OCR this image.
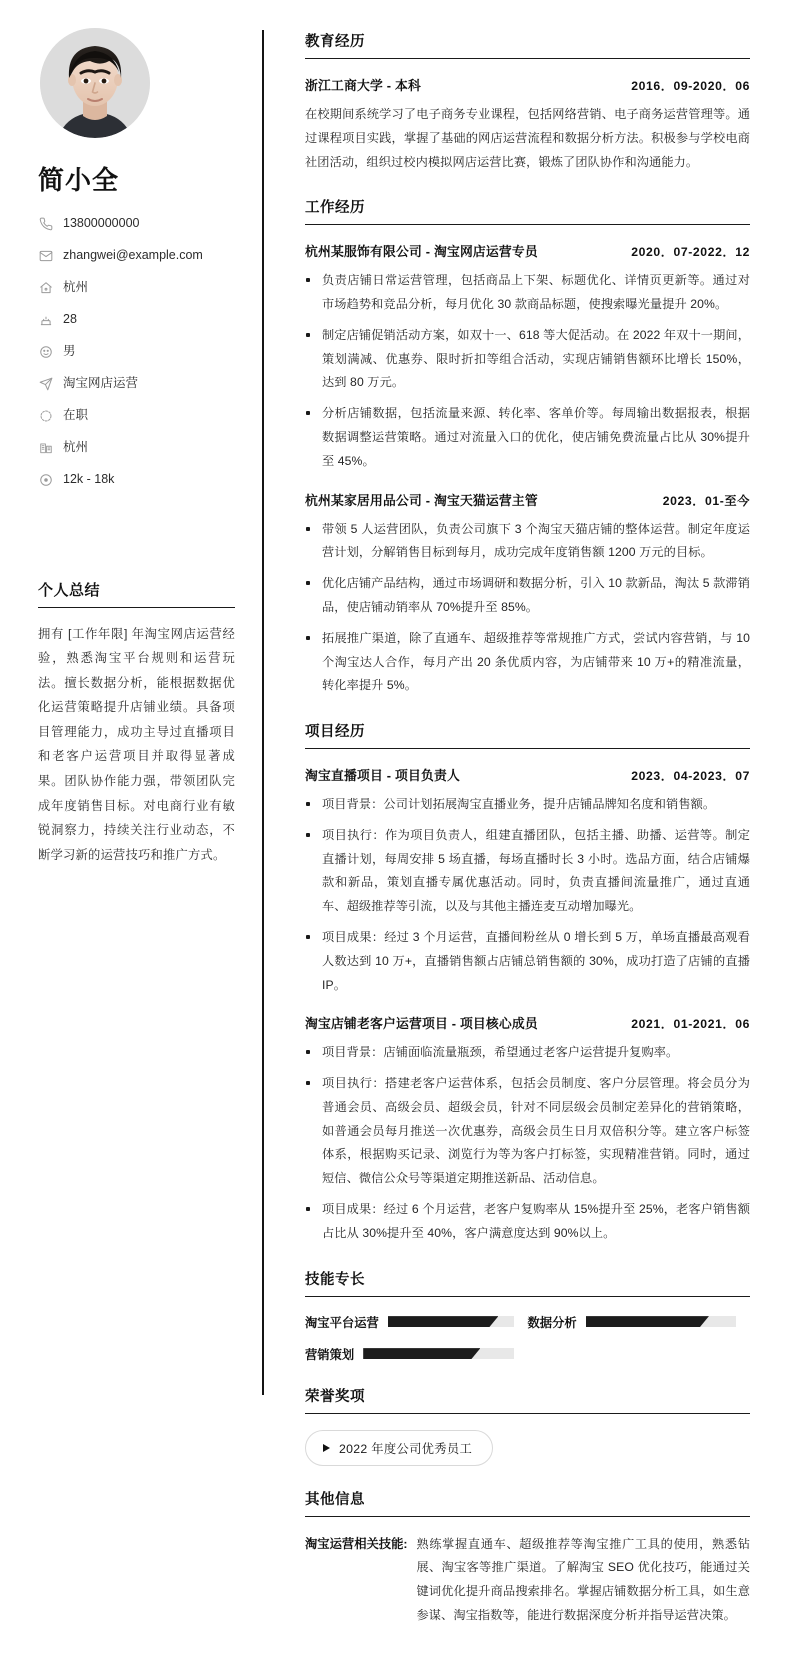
简小全
13800000000
zhangwei@example.com
杭州
28
男
淘宝网店运营
在职
杭州
12k - 18k
个人总结

拥有 [工作年限] 年淘宝网店运营经验，熟悉淘宝平台规则和运营玩法。擅长数据分析，能根据数据优化运营策略提升店铺业绩。具备项目管理能力，成功主导过直播项目和老客户运营项目并取得显著成果。团队协作能力强，带领团队完成年度销售目标。对电商行业有敏锐洞察力，持续关注行业动态，不断学习新的运营技巧和推广方式。

教育经历
浙江工商大学 - 本科	2016．09-2020．06

在校期间系统学习了电子商务专业课程，包括网络营销、电子商务运营管理等。通过课程项目实践，掌握了基础的网店运营流程和数据分析方法。积极参与学校电商社团活动，组织过校内模拟网店运营比赛，锻炼了团队协作和沟通能力。

工作经历
杭州某服饰有限公司 - 淘宝网店运营专员	2020．07-2022．12
负责店铺日常运营管理，包括商品上下架、标题优化、详情页更新等。通过对市场趋势和竞品分析，每月优化 30 款商品标题，使搜索曝光量提升 20%。
制定店铺促销活动方案，如双十一、618 等大促活动。在 2022 年双十一期间，策划满减、优惠券、限时折扣等组合活动，实现店铺销售额环比增长 150%，达到 80 万元。
分析店铺数据，包括流量来源、转化率、客单价等。每周输出数据报表，根据数据调整运营策略。通过对流量入口的优化，使店铺免费流量占比从 30%提升至 45%。
杭州某家居用品公司 - 淘宝天猫运营主管	2023．01-至今
带领 5 人运营团队，负责公司旗下 3 个淘宝天猫店铺的整体运营。制定年度运营计划，分解销售目标到每月，成功完成年度销售额 1200 万元的目标。
优化店铺产品结构，通过市场调研和数据分析，引入 10 款新品，淘汰 5 款滞销品，使店铺动销率从 70%提升至 85%。
拓展推广渠道，除了直通车、超级推荐等常规推广方式，尝试内容营销，与 10 个淘宝达人合作，每月产出 20 条优质内容，为店铺带来 10 万+的精准流量，转化率提升 5%。
项目经历
淘宝直播项目 - 项目负责人	2023．04-2023．07
项目背景：公司计划拓展淘宝直播业务，提升店铺品牌知名度和销售额。
项目执行：作为项目负责人，组建直播团队，包括主播、助播、运营等。制定直播计划，每周安排 5 场直播，每场直播时长 3 小时。选品方面，结合店铺爆款和新品，策划直播专属优惠活动。同时，负责直播间流量推广，通过直通车、超级推荐等引流，以及与其他主播连麦互动增加曝光。
项目成果：经过 3 个月运营，直播间粉丝从 0 增长到 5 万，单场直播最高观看人数达到 10 万+，直播销售额占店铺总销售额的 30%，成功打造了店铺的直播 IP。
淘宝店铺老客户运营项目 - 项目核心成员	2021．01-2021．06
项目背景：店铺面临流量瓶颈，希望通过老客户运营提升复购率。
项目执行：搭建老客户运营体系，包括会员制度、客户分层管理。将会员分为普通会员、高级会员、超级会员，针对不同层级会员制定差异化的营销策略，如普通会员每月推送一次优惠券，高级会员生日月双倍积分等。建立客户标签体系，根据购买记录、浏览行为等为客户打标签，实现精准营销。同时，通过短信、微信公众号等渠道定期推送新品、活动信息。
项目成果：经过 6 个月运营，老客户复购率从 15%提升至 25%，老客户销售额占比从 30%提升至 40%，客户满意度达到 90%以上。
技能专长
淘宝平台运营	数据分析
营销策划
荣誉奖项
2022 年度公司优秀员工
其他信息
淘宝运营相关技能: 熟练掌握直通车、超级推荐等淘宝推广工具的使用，熟悉钻展、淘宝客等推广渠道。了解淘宝 SEO 优化技巧，能通过关键词优化提升商品搜索排名。掌握店铺数据分析工具，如生意参谋、淘宝指数等，能进行数据深度分析并指导运营决策。
